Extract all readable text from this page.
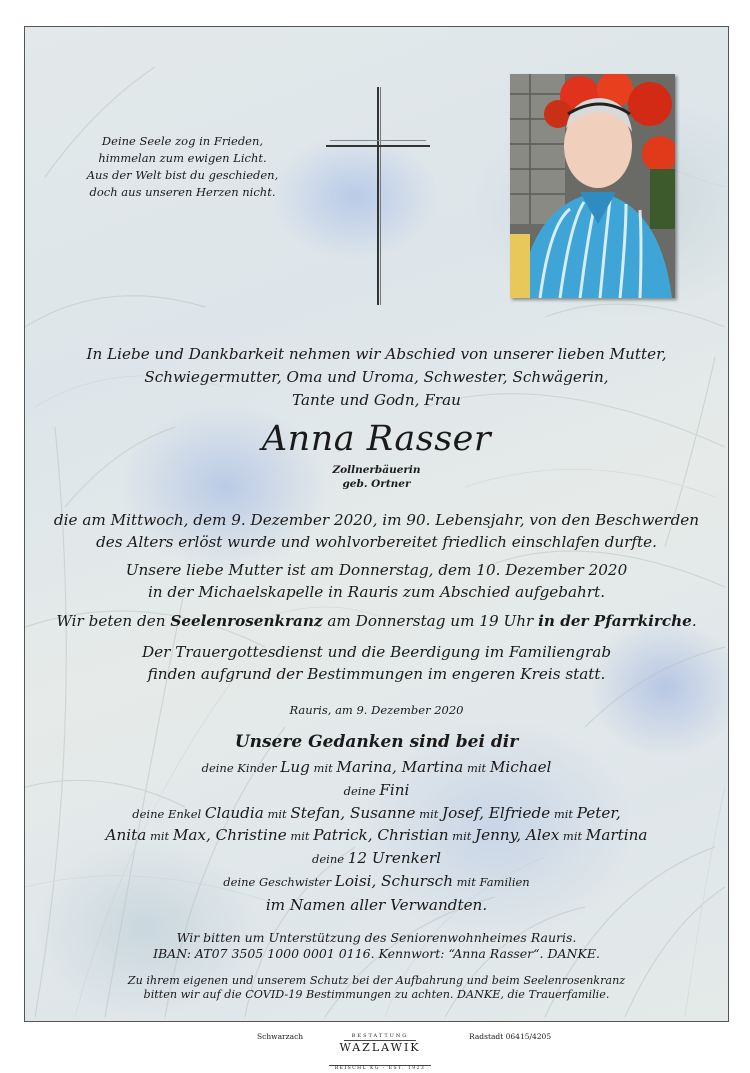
Deine Seele zog in Frieden,
himmelan zum ewigen Licht.
Aus der Welt bist du geschieden,
doch aus unseren Herzen nicht.
In Liebe und Dankbarkeit nehmen wir Abschied von unserer lieben Mutter,
Schwiegermutter, Oma und Uroma, Schwester, Schwägerin,
Tante und Godn, Frau
Anna Rasser
Zollnerbäuerin
geb. Ortner
die am Mittwoch, dem 9. Dezember 2020, im 90. Lebensjahr, von den Beschwerden
des Alters erlöst wurde und wohlvorbereitet friedlich einschlafen durfte.
Unsere liebe Mutter ist am Donnerstag, dem 10. Dezember 2020
in der Michaelskapelle in Rauris zum Abschied aufgebahrt.
Wir beten den Seelenrosenkranz am Donnerstag um 19 Uhr in der Pfarrkirche.
Der Trauergottesdienst und die Beerdigung im Familiengrab
finden aufgrund der Bestimmungen im engeren Kreis statt.
Rauris, am 9. Dezember 2020
Unsere Gedanken sind bei dir
deine Kinder Lug mit Marina, Martina mit Michael
deine Fini
deine Enkel Claudia mit Stefan, Susanne mit Josef, Elfriede mit Peter,
Anita mit Max, Christine mit Patrick, Christian mit Jenny, Alex mit Martina
deine 12 Urenkerl
deine Geschwister Loisi, Schursch mit Familien
im Namen aller Verwandten.
Wir bitten um Unterstützung des Seniorenwohnheimes Rauris.
IBAN: AT07 3505 1000 0001 0116. Kennwort: “Anna Rasser“. DANKE.
Zu ihrem eigenen und unserem Schutz bei der Aufbahrung und beim Seelenrosenkranz
bitten wir auf die COVID-19 Bestimmungen zu achten. DANKE, die Trauerfamilie.
Schwarzach	BESTATTUNG
WAZLAWIK
REISCHL KG · EST. 1923
Radstadt 06415/4205
